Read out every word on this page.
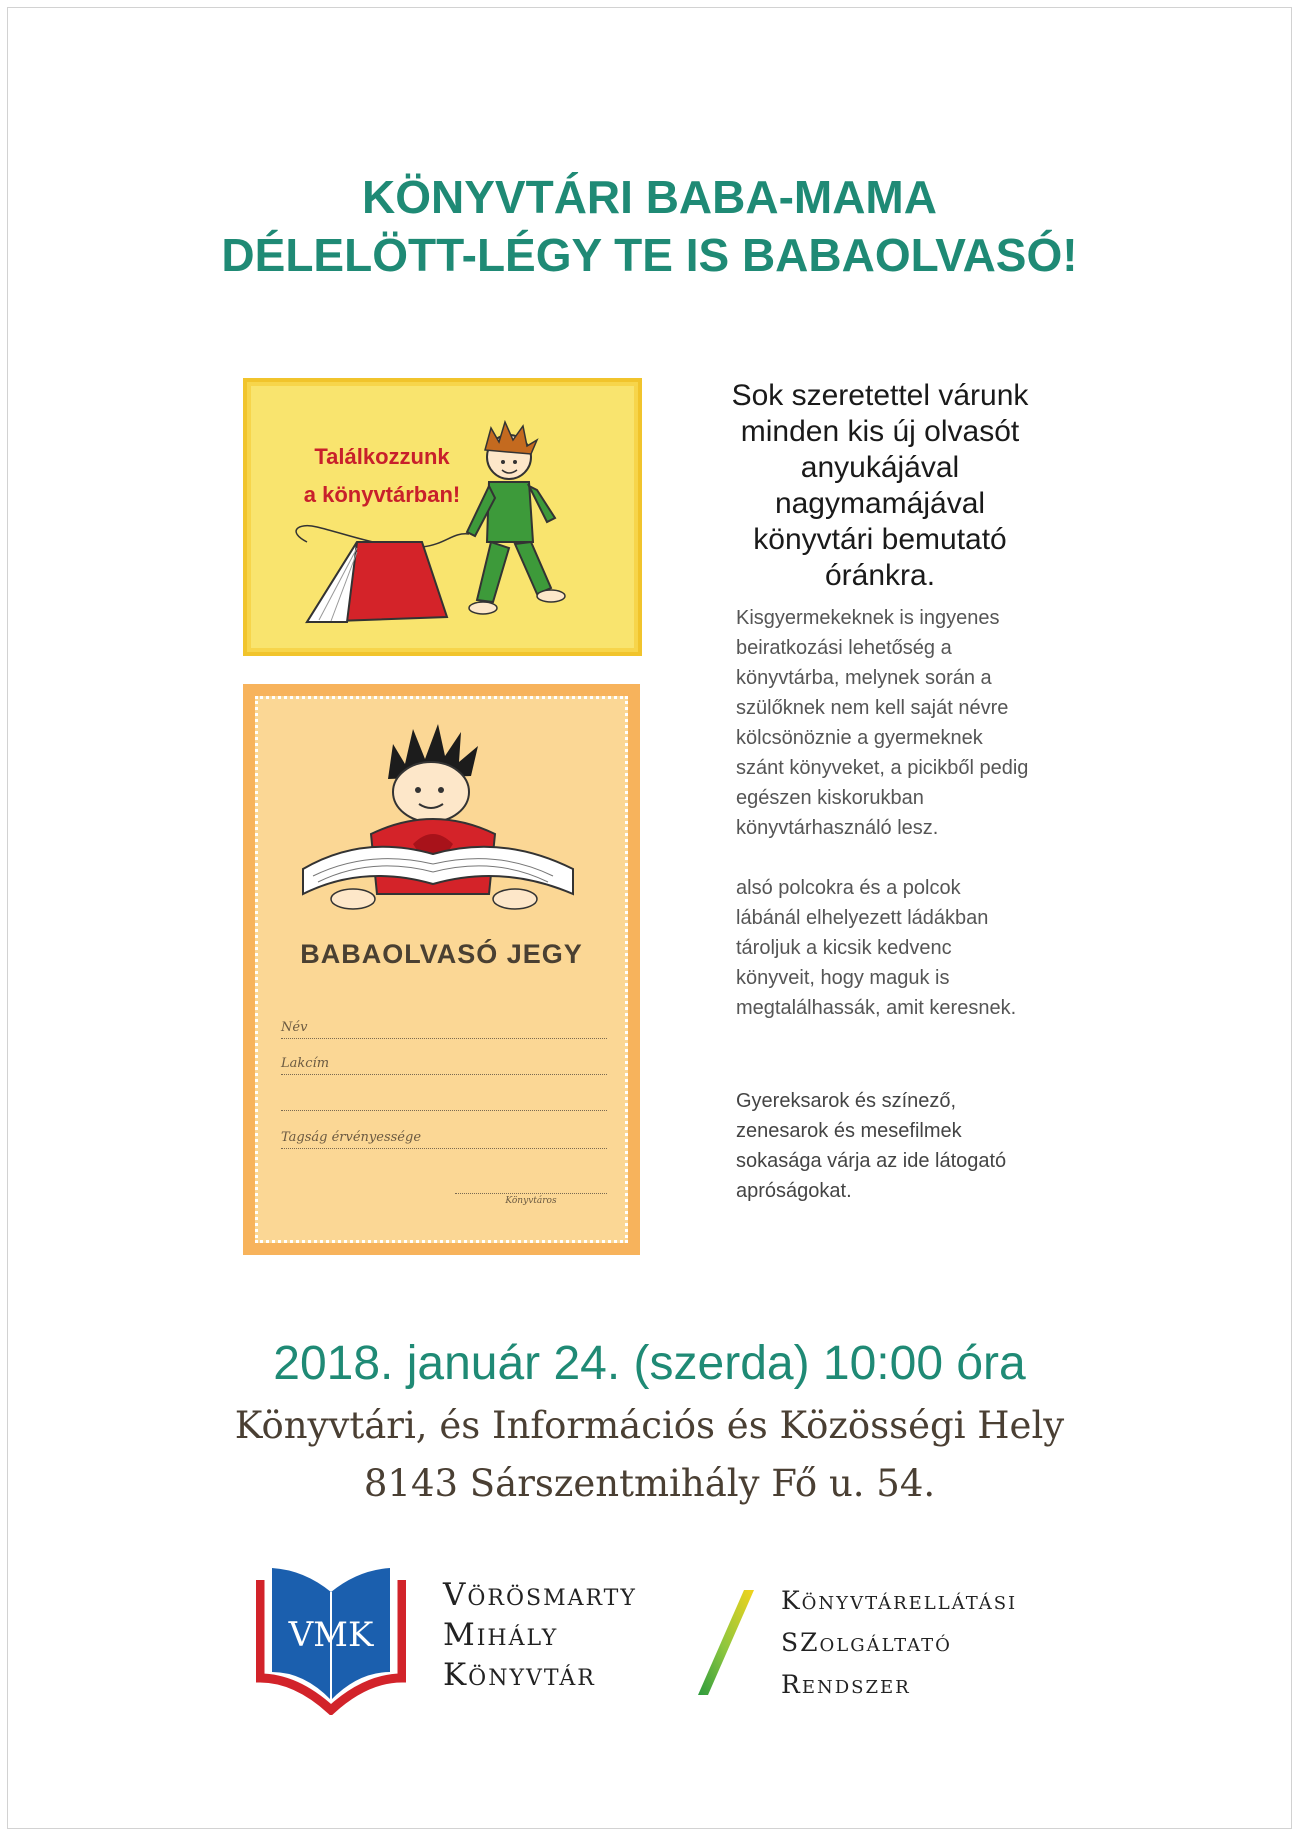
KÖNYVTÁRI BABA-MAMA
DÉLELÖTT-LÉGY TE IS BABAOLVASÓ!
Találkozzunk
a könyvtárban!
BABAOLVASÓ JEGY
Név
Lakcím
Tagság érvényessége
Könyvtáros

Sok szeretettel várunk
minden kis új olvasót
anyukájával
nagymamájával
könyvtári bemutató
óránkra.

Kisgyermekeknek is ingyenes
beiratkozási lehetőség a
könyvtárba, melynek során a
szülőknek nem kell saját névre
kölcsönöznie a gyermeknek
szánt könyveket, a picikből pedig
egészen kiskorukban
könyvtárhasználó lesz.

alsó polcokra és a polcok
lábánál elhelyezett ládákban
tároljuk a kicsik kedvenc
könyveit, hogy maguk is
megtalálhassák, amit keresnek.

Gyereksarok és színező,
zenesarok és mesefilmek
sokasága várja az ide látogató
apróságokat.

2018. január 24. (szerda) 10:00 óra

Könyvtári, és Információs és Közösségi Hely
8143 Sárszentmihály Fő u. 54.

VMK

Vörösmarty
Mihály
Könyvtár

Könyvtárellátási
SZolgáltató
Rendszer
